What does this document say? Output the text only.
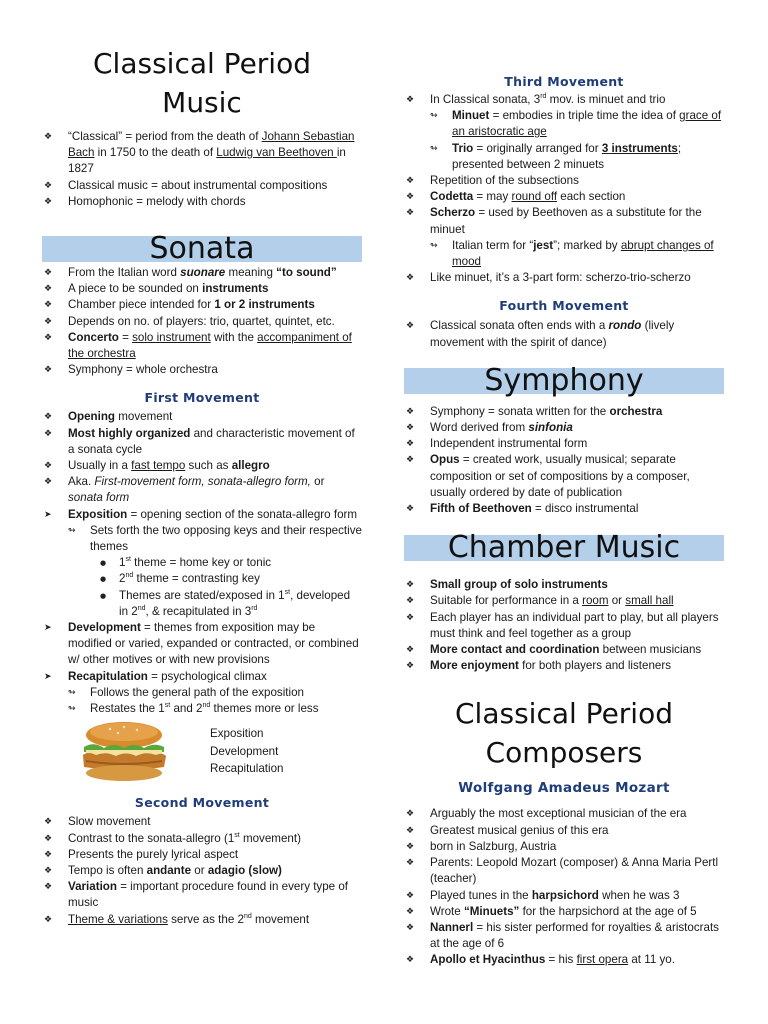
Classical Period
Music
❖ “Classical” = period from the death of Johann Sebastian Bach in 1750 to the death of Ludwig van Beethoven in 1827
❖ Classical music = about instrumental compositions
❖ Homophonic = melody with chords
Sonata
❖ From the Italian word suonare meaning “to sound”
❖ A piece to be sounded on instruments
❖ Chamber piece intended for 1 or 2 instruments
❖ Depends on no. of players: trio, quartet, quintet, etc.
❖ Concerto = solo instrument with the accompaniment of the orchestra
❖ Symphony = whole orchestra
First Movement
❖ Opening movement
❖ Most highly organized and characteristic movement of a sonata cycle
❖ Usually in a fast tempo such as allegro
❖ Aka. First-movement form, sonata-allegro form, or sonata form
➤ Exposition = opening section of the sonata-allegro form
↬ Sets forth the two opposing keys and their respective themes
● 1st theme = home key or tonic
● 2nd theme = contrasting key
● Themes are stated/exposed in 1st, developed in 2nd, & recapitulated in 3rd
➤ Development = themes from exposition may be modified or varied, expanded or contracted, or combined w/ other motives or with new provisions
➤ Recapitulation = psychological climax
↬ Follows the general path of the exposition
↬ Restates the 1st and 2nd themes more or less
Exposition
Development
Recapitulation
Second Movement
❖ Slow movement
❖ Contrast to the sonata-allegro (1st movement)
❖ Presents the purely lyrical aspect
❖ Tempo is often andante or adagio (slow)
❖ Variation = important procedure found in every type of music
❖ Theme & variations serve as the 2nd movement
Third Movement
❖ In Classical sonata, 3rd mov. is minuet and trio
↬ Minuet = embodies in triple time the idea of grace of an aristocratic age
↬ Trio = originally arranged for 3 instruments; presented between 2 minuets
❖ Repetition of the subsections
❖ Codetta = may round off each section
❖ Scherzo = used by Beethoven as a substitute for the minuet
↬ Italian term for “jest”; marked by abrupt changes of mood
❖ Like minuet, it’s a 3-part form: scherzo-trio-scherzo
Fourth Movement
❖ Classical sonata often ends with a rondo (lively movement with the spirit of dance)
Symphony
❖ Symphony = sonata written for the orchestra
❖ Word derived from sinfonia
❖ Independent instrumental form
❖ Opus = created work, usually musical; separate composition or set of compositions by a composer, usually ordered by date of publication
❖ Fifth of Beethoven = disco instrumental
Chamber Music
❖ Small group of solo instruments
❖ Suitable for performance in a room or small hall
❖ Each player has an individual part to play, but all players must think and feel together as a group
❖ More contact and coordination between musicians
❖ More enjoyment for both players and listeners
Classical Period
Composers
Wolfgang Amadeus Mozart
❖ Arguably the most exceptional musician of the era
❖ Greatest musical genius of this era
❖ born in Salzburg, Austria
❖ Parents: Leopold Mozart (composer) & Anna Maria Pertl (teacher)
❖ Played tunes in the harpsichord when he was 3
❖ Wrote “Minuets” for the harpsichord at the age of 5
❖ Nannerl = his sister performed for royalties & aristocrats at the age of 6
❖ Apollo et Hyacinthus = his first opera at 11 yo.
